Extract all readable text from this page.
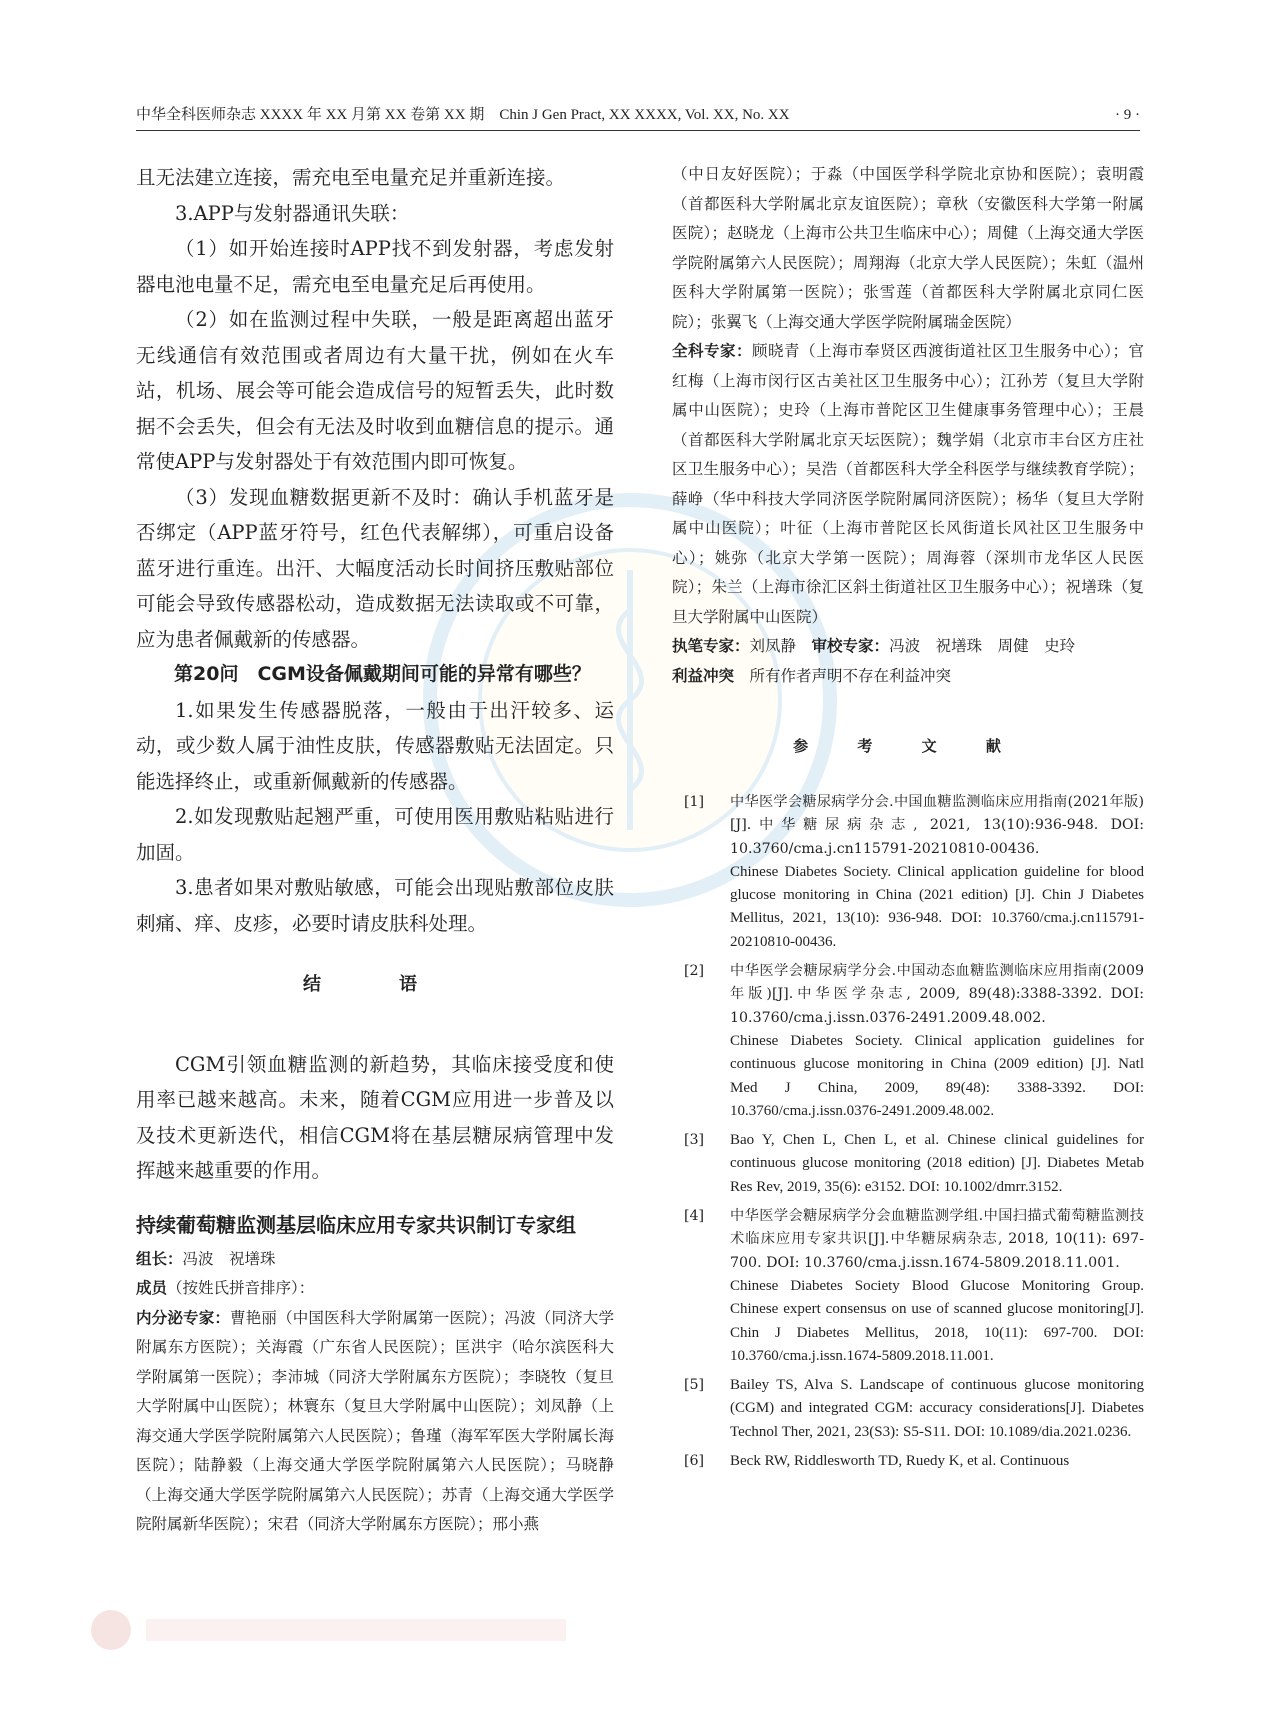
中华全科医师杂志 XXXX 年 XX 月第 XX 卷第 XX 期　Chin J Gen Pract, XX XXXX, Vol. XX, No. XX	· 9 ·

且无法建立连接，需充电至电量充足并重新连接。

3.APP与发射器通讯失联：

（1）如开始连接时APP找不到发射器，考虑发射器电池电量不足，需充电至电量充足后再使用。

（2）如在监测过程中失联，一般是距离超出蓝牙无线通信有效范围或者周边有大量干扰，例如在火车站，机场、展会等可能会造成信号的短暂丢失，此时数据不会丢失，但会有无法及时收到血糖信息的提示。通常使APP与发射器处于有效范围内即可恢复。

（3）发现血糖数据更新不及时：确认手机蓝牙是否绑定（APP蓝牙符号，红色代表解绑），可重启设备蓝牙进行重连。出汗、大幅度活动长时间挤压敷贴部位可能会导致传感器松动，造成数据无法读取或不可靠，应为患者佩戴新的传感器。

第20问　CGM设备佩戴期间可能的异常有哪些？

1.如果发生传感器脱落，一般由于出汗较多、运动，或少数人属于油性皮肤，传感器敷贴无法固定。只能选择终止，或重新佩戴新的传感器。

2.如发现敷贴起翘严重，可使用医用敷贴粘贴进行加固。

3.患者如果对敷贴敏感，可能会出现贴敷部位皮肤刺痛、痒、皮疹，必要时请皮肤科处理。

结　语

CGM引领血糖监测的新趋势，其临床接受度和使用率已越来越高。未来，随着CGM应用进一步普及以及技术更新迭代，相信CGM将在基层糖尿病管理中发挥越来越重要的作用。

持续葡萄糖监测基层临床应用专家共识制订专家组

组长：冯波　祝墡珠

成员（按姓氏拼音排序）：

内分泌专家：曹艳丽（中国医科大学附属第一医院）；冯波（同济大学附属东方医院）；关海霞（广东省人民医院）；匡洪宇（哈尔滨医科大学附属第一医院）；李沛城（同济大学附属东方医院）；李晓牧（复旦大学附属中山医院）；林寰东（复旦大学附属中山医院）；刘凤静（上海交通大学医学院附属第六人民医院）；鲁瑾（海军军医大学附属长海医院）；陆静毅（上海交通大学医学院附属第六人民医院）；马晓静（上海交通大学医学院附属第六人民医院）；苏青（上海交通大学医学院附属新华医院）；宋君（同济大学附属东方医院）；邢小燕

（中日友好医院）；于淼（中国医学科学院北京协和医院）；袁明霞（首都医科大学附属北京友谊医院）；章秋（安徽医科大学第一附属医院）；赵晓龙（上海市公共卫生临床中心）；周健（上海交通大学医学院附属第六人民医院）；周翔海（北京大学人民医院）；朱虹（温州医科大学附属第一医院）；张雪莲（首都医科大学附属北京同仁医院）；张翼飞（上海交通大学医学院附属瑞金医院）

全科专家：顾晓青（上海市奉贤区西渡街道社区卫生服务中心）；官红梅（上海市闵行区古美社区卫生服务中心）；江孙芳（复旦大学附属中山医院）；史玲（上海市普陀区卫生健康事务管理中心）；王晨（首都医科大学附属北京天坛医院）；魏学娟（北京市丰台区方庄社区卫生服务中心）；吴浩（首都医科大学全科医学与继续教育学院）；薛峥（华中科技大学同济医学院附属同济医院）；杨华（复旦大学附属中山医院）；叶征（上海市普陀区长风街道长风社区卫生服务中心）；姚弥（北京大学第一医院）；周海蓉（深圳市龙华区人民医院）；朱兰（上海市徐汇区斜土街道社区卫生服务中心）；祝墡珠（复旦大学附属中山医院）

执笔专家：刘凤静　 审校专家：冯波　祝墡珠　周健　史玲

利益冲突　 所有作者声明不存在利益冲突

参 考 文 献
[1] 中华医学会糖尿病学分会.中国血糖监测临床应用指南(2021年版)[J].中华糖尿病杂志, 2021, 13(10):936-948. DOI: 10.3760/cma.j.cn115791-20210810-00436.
Chinese Diabetes Society. Clinical application guideline for blood glucose monitoring in China (2021 edition) [J]. Chin J Diabetes Mellitus, 2021, 13(10): 936-948. DOI: 10.3760/cma.j.cn115791-20210810-00436.
[2] 中华医学会糖尿病学分会.中国动态血糖监测临床应用指南(2009年版)[J].中华医学杂志, 2009, 89(48):3388-3392. DOI: 10.3760/cma.j.issn.0376-2491.2009.48.002.
Chinese Diabetes Society. Clinical application guidelines for continuous glucose monitoring in China (2009 edition) [J]. Natl Med J China, 2009, 89(48): 3388-3392. DOI: 10.3760/cma.j.issn.0376-2491.2009.48.002.
[3] Bao Y, Chen L, Chen L, et al. Chinese clinical guidelines for continuous glucose monitoring (2018 edition) [J]. Diabetes Metab Res Rev, 2019, 35(6): e3152. DOI: 10.1002/dmrr.3152.
[4] 中华医学会糖尿病学分会血糖监测学组.中国扫描式葡萄糖监测技术临床应用专家共识[J].中华糖尿病杂志, 2018, 10(11): 697-700. DOI: 10.3760/cma.j.issn.1674-5809.2018.11.001.
Chinese Diabetes Society Blood Glucose Monitoring Group. Chinese expert consensus on use of scanned glucose monitoring[J]. Chin J Diabetes Mellitus, 2018, 10(11): 697-700. DOI: 10.3760/cma.j.issn.1674-5809.2018.11.001.
[5] Bailey TS, Alva S. Landscape of continuous glucose monitoring (CGM) and integrated CGM: accuracy considerations[J]. Diabetes Technol Ther, 2021, 23(S3): S5-S11. DOI: 10.1089/dia.2021.0236.
[6] Beck RW, Riddlesworth TD, Ruedy K, et al. Continuous
